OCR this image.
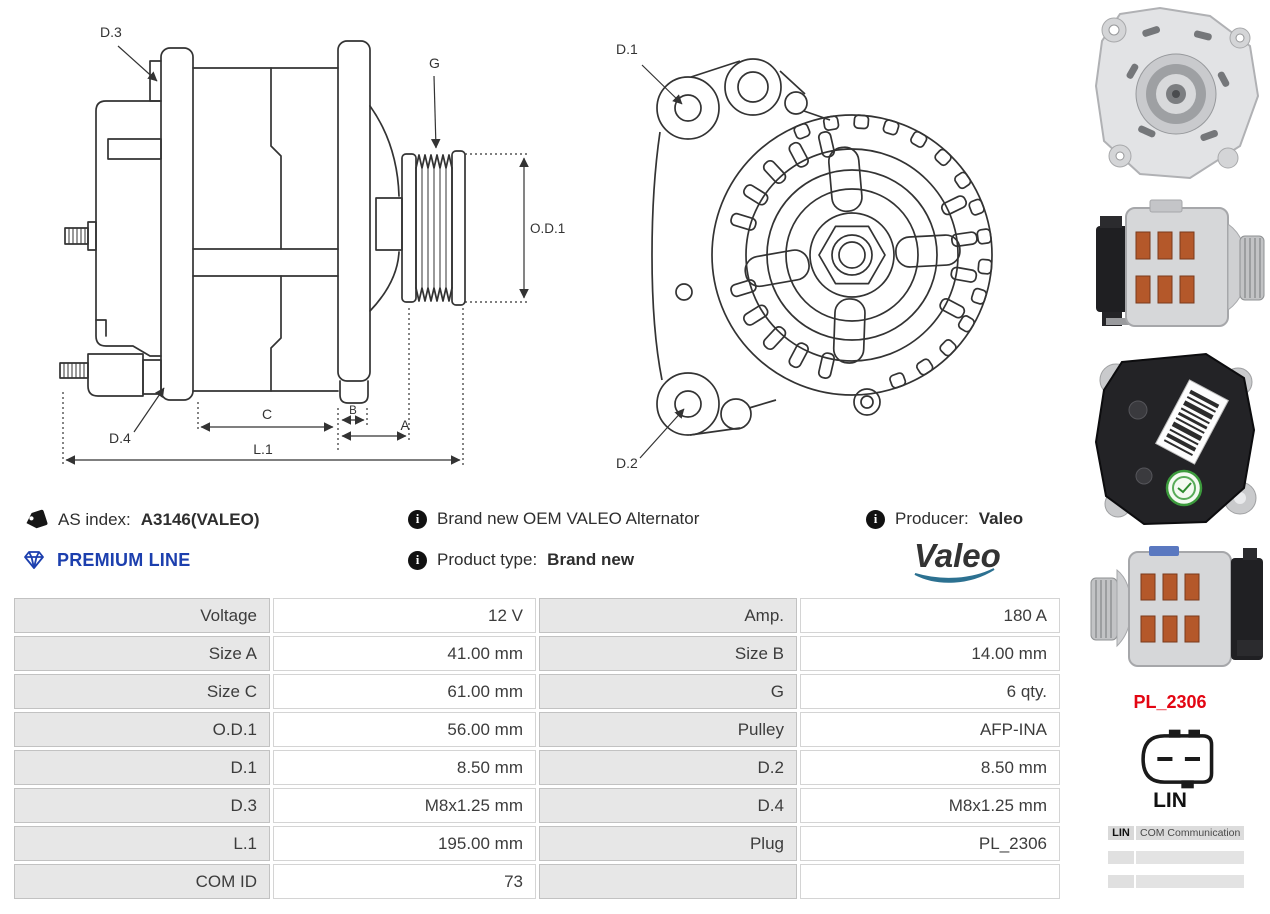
D.3
G
O.D.1
C	B
A
L.1
D.4
D.1
D.2
AS index: A3146(VALEO)
PREMIUM LINE
i	Brand new OEM VALEO Alternator
i	Product type: Brand new
i	Producer: Valeo
Valeo
Voltage	12 V	Amp.	180 A
Size A	41.00 mm	Size B	14.00 mm
Size C	61.00 mm	G	6 qty.
O.D.1	56.00 mm	Pulley	AFP-INA
D.1	8.50 mm	D.2	8.50 mm
D.3	M8x1.25 mm	D.4	M8x1.25 mm
L.1	195.00 mm	Plug	PL_2306
COM ID	73
PL_2306
LIN
LIN COM Communication
